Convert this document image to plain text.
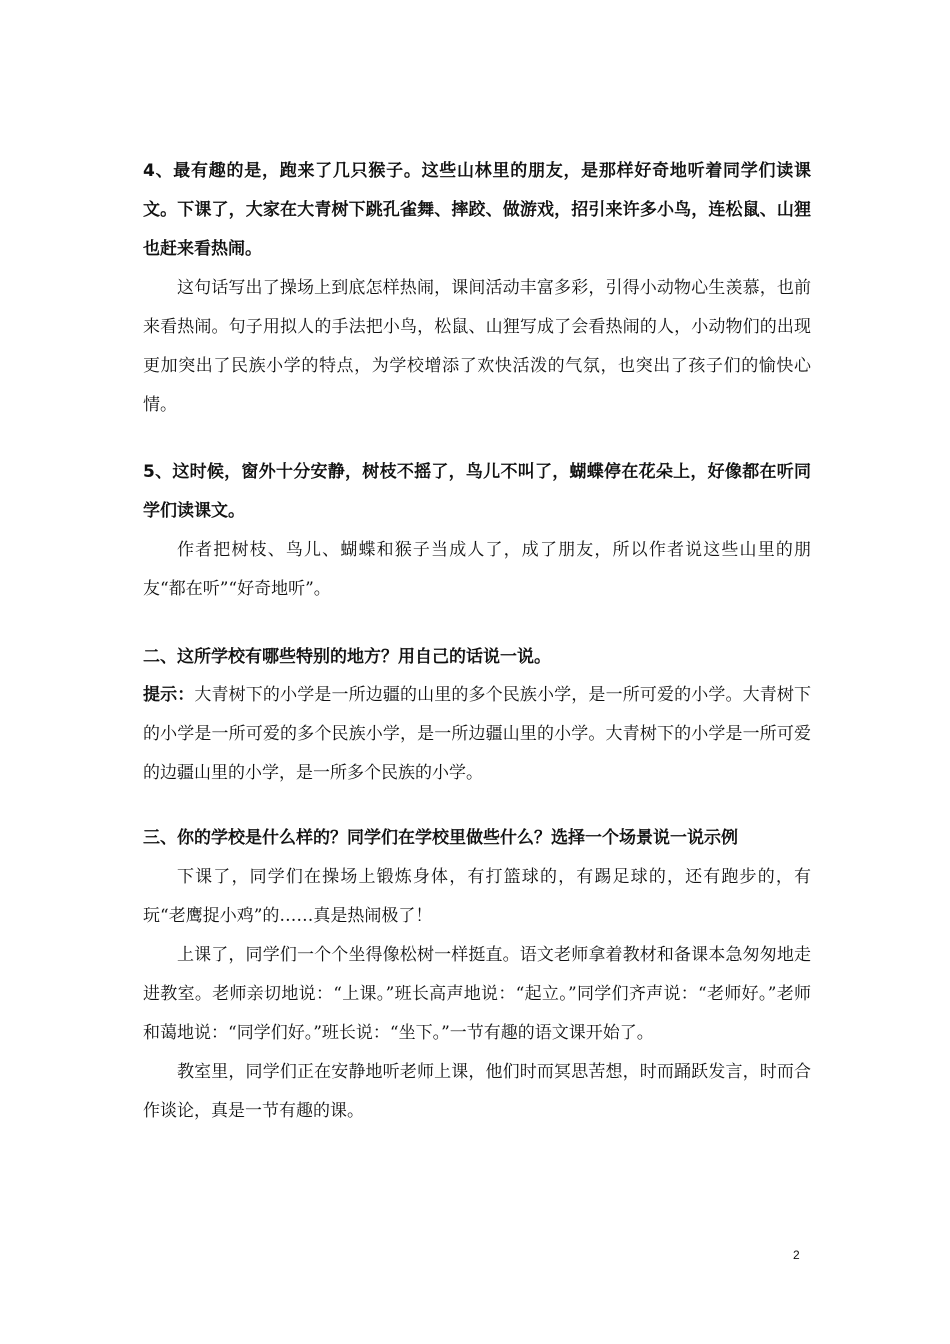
4、最有趣的是，跑来了几只猴子。这些山林里的朋友，是那样好奇地听着同学们读课文。下课了，大家在大青树下跳孔雀舞、摔跤、做游戏，招引来许多小鸟，连松鼠、山狸也赶来看热闹。

这句话写出了操场上到底怎样热闹，课间活动丰富多彩，引得小动物心生羡慕，也前来看热闹。句子用拟人的手法把小鸟，松鼠、山狸写成了会看热闹的人，小动物们的出现更加突出了民族小学的特点，为学校增添了欢快活泼的气氛，也突出了孩子们的愉快心情。

5、这时候，窗外十分安静，树枝不摇了，鸟儿不叫了，蝴蝶停在花朵上，好像都在听同学们读课文。

作者把树枝、鸟儿、蝴蝶和猴子当成人了，成了朋友，所以作者说这些山里的朋友“都在听”“好奇地听”。

二、这所学校有哪些特别的地方？用自己的话说一说。

提示：大青树下的小学是一所边疆的山里的多个民族小学，是一所可爱的小学。大青树下的小学是一所可爱的多个民族小学，是一所边疆山里的小学。大青树下的小学是一所可爱的边疆山里的小学，是一所多个民族的小学。

三、你的学校是什么样的？同学们在学校里做些什么？选择一个场景说一说示例

下课了，同学们在操场上锻炼身体，有打篮球的，有踢足球的，还有跑步的，有玩“老鹰捉小鸡”的……真是热闹极了！

上课了，同学们一个个坐得像松树一样挺直。语文老师拿着教材和备课本急匆匆地走进教室。老师亲切地说：“上课。”班长高声地说：“起立。”同学们齐声说：“老师好。”老师和蔼地说：“同学们好。”班长说：“坐下。”一节有趣的语文课开始了。

教室里，同学们正在安静地听老师上课，他们时而冥思苦想，时而踊跃发言，时而合作谈论，真是一节有趣的课。

2
